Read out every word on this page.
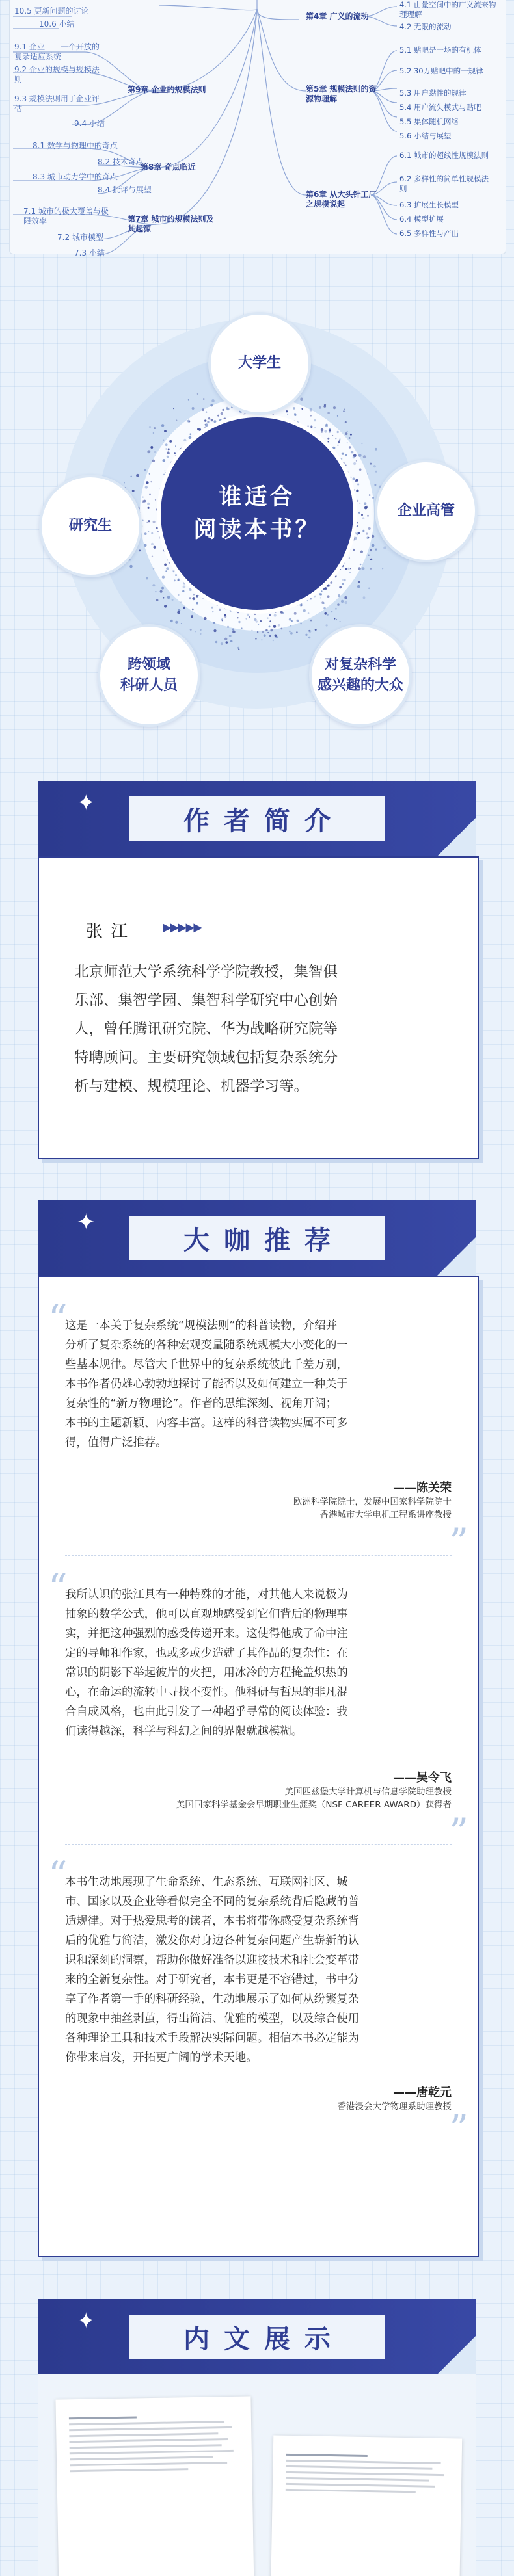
10.5 更新问题的讨论
10.6 小结
9.1 企业——一个开放的复杂适应系统
9.2 企业的规模与规模法则
9.3 规模法则用于企业评估
9.4 小结
8.1 数学与物理中的奇点
8.2 技术奇点
8.3 城市动力学中的奇点
8.4 批评与展望
7.1 城市的极大覆盖与极限效率
7.2 城市模型
7.3 小结
第9章 企业的规模法则
第8章 奇点临近
第7章 城市的规模法则及其起源
第4章 广义的流动
第5章 规模法则的资源物理解
第6章 从大头针工厂之规模说起
4.1 由量空间中的广义流来物理理解
4.2 无限的流动
5.1 贴吧是一场的有机体
5.2 30万贴吧中的一规律
5.3 用户黏性的规律
5.4 用户流失模式与贴吧
5.5 集体随机网络
5.6 小结与展望
6.1 城市的超线性规模法则
6.2 多样性的简单性规模法则
6.3 扩展生长模型
6.4 模型扩展
6.5 多样性与产出
谁适合
阅读本书？
大学生
研究生
企业高管
跨领域
科研人员
对复杂科学
感兴趣的大众
✦
作者简介
张江 ▶▶▶▶▶
北京师范大学系统科学学院教授，集智俱
乐部、集智学园、集智科学研究中心创始
人，曾任腾讯研究院、华为战略研究院等
特聘顾问。主要研究领域包括复杂系统分
析与建模、规模理论、机器学习等。
✦
大咖推荐
“
这是一本关于复杂系统“规模法则”的科普读物，介绍并
分析了复杂系统的各种宏观变量随系统规模大小变化的一
些基本规律。尽管大千世界中的复杂系统彼此千差万别，
本书作者仍雄心勃勃地探讨了能否以及如何建立一种关于
复杂性的“新万物理论”。作者的思维深刻、视角开阔；
本书的主题新颖、内容丰富。这样的科普读物实属不可多
得，值得广泛推荐。
——陈关荣
欧洲科学院院士，发展中国家科学院院士
香港城市大学电机工程系讲座教授
”
“
我所认识的张江具有一种特殊的才能，对其他人来说极为
抽象的数学公式，他可以直观地感受到它们背后的物理事
实，并把这种强烈的感受传递开来。这使得他成了命中注
定的导师和作家，也或多或少造就了其作品的复杂性：在
常识的阴影下举起彼岸的火把，用冰冷的方程掩盖炽热的
心，在命运的流转中寻找不变性。他科研与哲思的非凡混
合自成风格，也由此引发了一种超乎寻常的阅读体验：我
们读得越深，科学与科幻之间的界限就越模糊。
——吴令飞
美国匹兹堡大学计算机与信息学院助理教授
美国国家科学基金会早期职业生涯奖（NSF CAREER AWARD）获得者
”
“
本书生动地展现了生命系统、生态系统、互联网社区、城
市、国家以及企业等看似完全不同的复杂系统背后隐藏的普
适规律。对于热爱思考的读者，本书将带你感受复杂系统背
后的优雅与简洁，激发你对身边各种复杂问题产生崭新的认
识和深刻的洞察，帮助你做好准备以迎接技术和社会变革带
来的全新复杂性。对于研究者，本书更是不容错过，书中分
享了作者第一手的科研经验，生动地展示了如何从纷繁复杂
的现象中抽丝剥茧，得出简洁、优雅的模型，以及综合使用
各种理论工具和技术手段解决实际问题。相信本书必定能为
你带来启发，开拓更广阔的学术天地。
——唐乾元
香港浸会大学物理系助理教授
”
✦
内文展示
